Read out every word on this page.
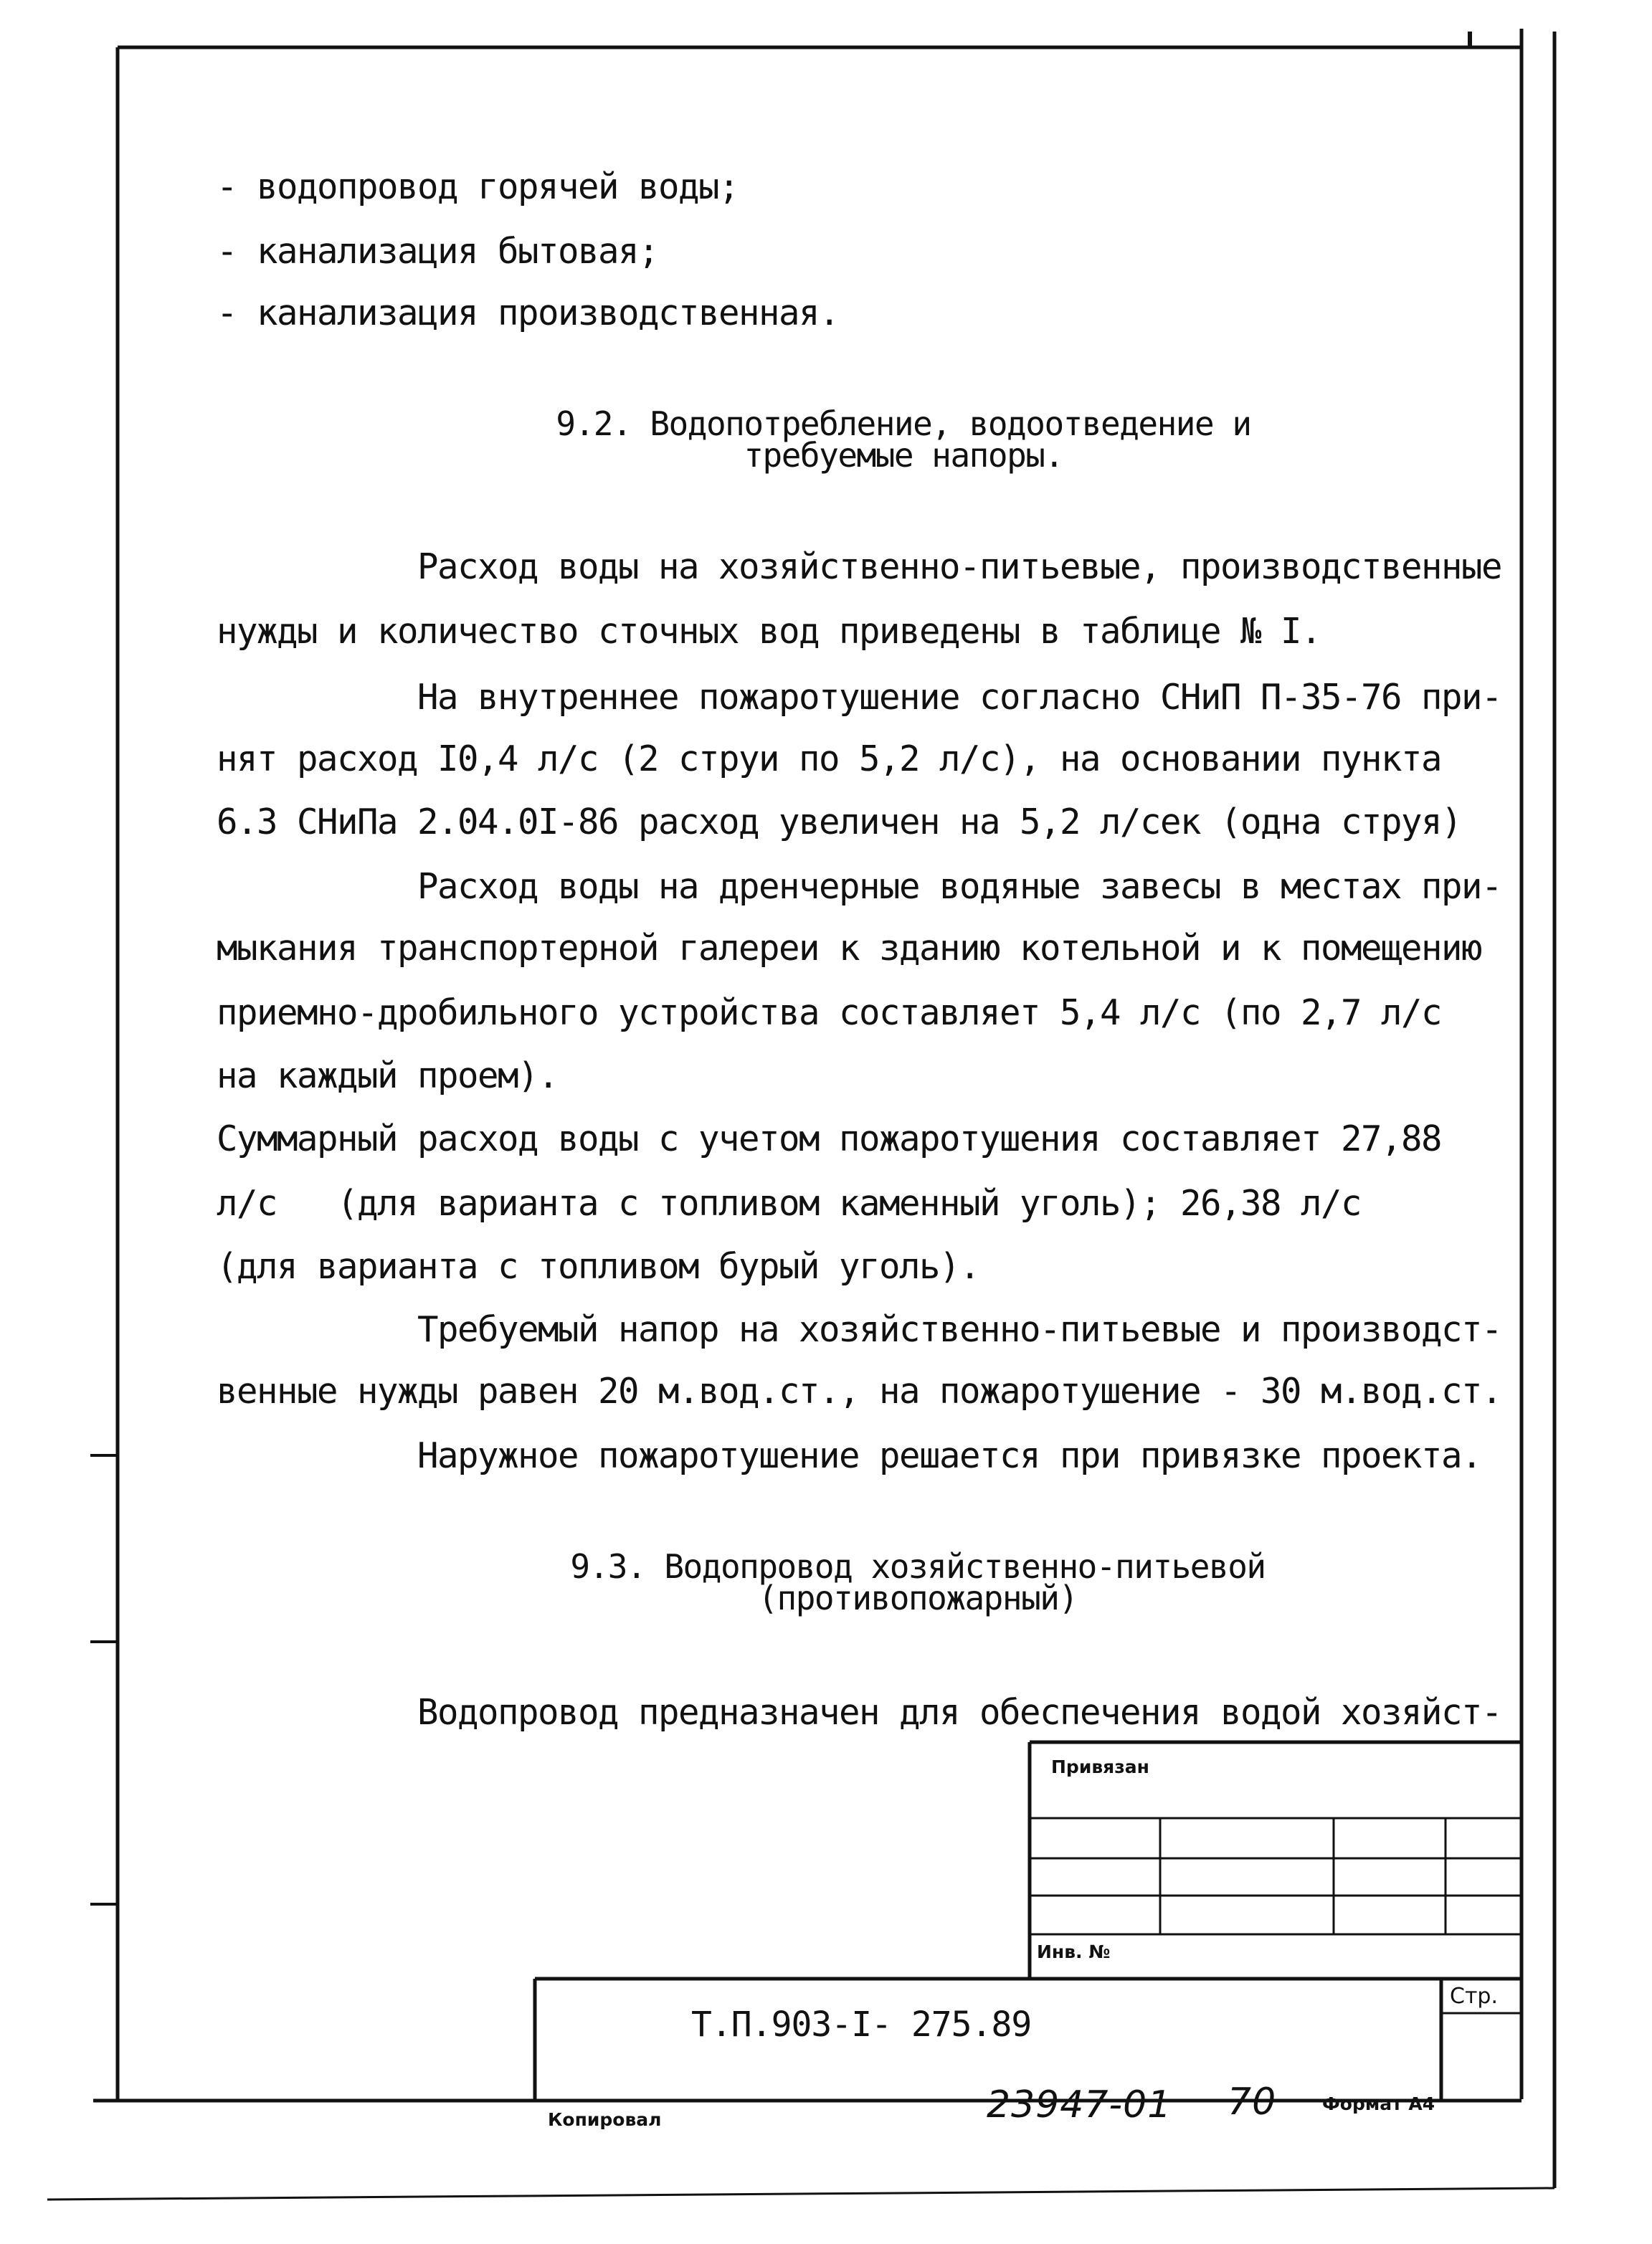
- водопровод горячей воды;
- канализация бытовая;
- канализация производственная.
9.2. Водопотребление, водоотведение и
требуемые напоры.
Расход воды на хозяйственно-питьевые, производственные
нужды и количество сточных вод приведены в таблице № I.
На внутреннее пожаротушение согласно СНиП П-35-76 при-
нят расход I0,4 л/с (2 струи по 5,2 л/с), на основании пункта
6.3 СНиПа 2.04.0I-86 расход увеличен на 5,2 л/сек (одна струя)
Расход воды на дренчерные водяные завесы в местах при-
мыкания транспортерной галереи к зданию котельной и к помещению
приемно-дробильного устройства составляет 5,4 л/с (по 2,7 л/с
на каждый проем).
Суммарный расход воды с учетом пожаротушения составляет 27,88
л/с   (для варианта с топливом каменный уголь); 26,38 л/с
(для варианта с топливом бурый уголь).
Требуемый напор на хозяйственно-питьевые и производст-
венные нужды равен 20 м.вод.ст., на пожаротушение - 30 м.вод.ст.
Наружное пожаротушение решается при привязке проекта.
9.3. Водопровод хозяйственно-питьевой
(противопожарный)
Водопровод предназначен для обеспечения водой хозяйст-
Привязан
Инв. №
Стр.
Т.П.903-I- 275.89
Копировал	23947-01 70	Формат А4
